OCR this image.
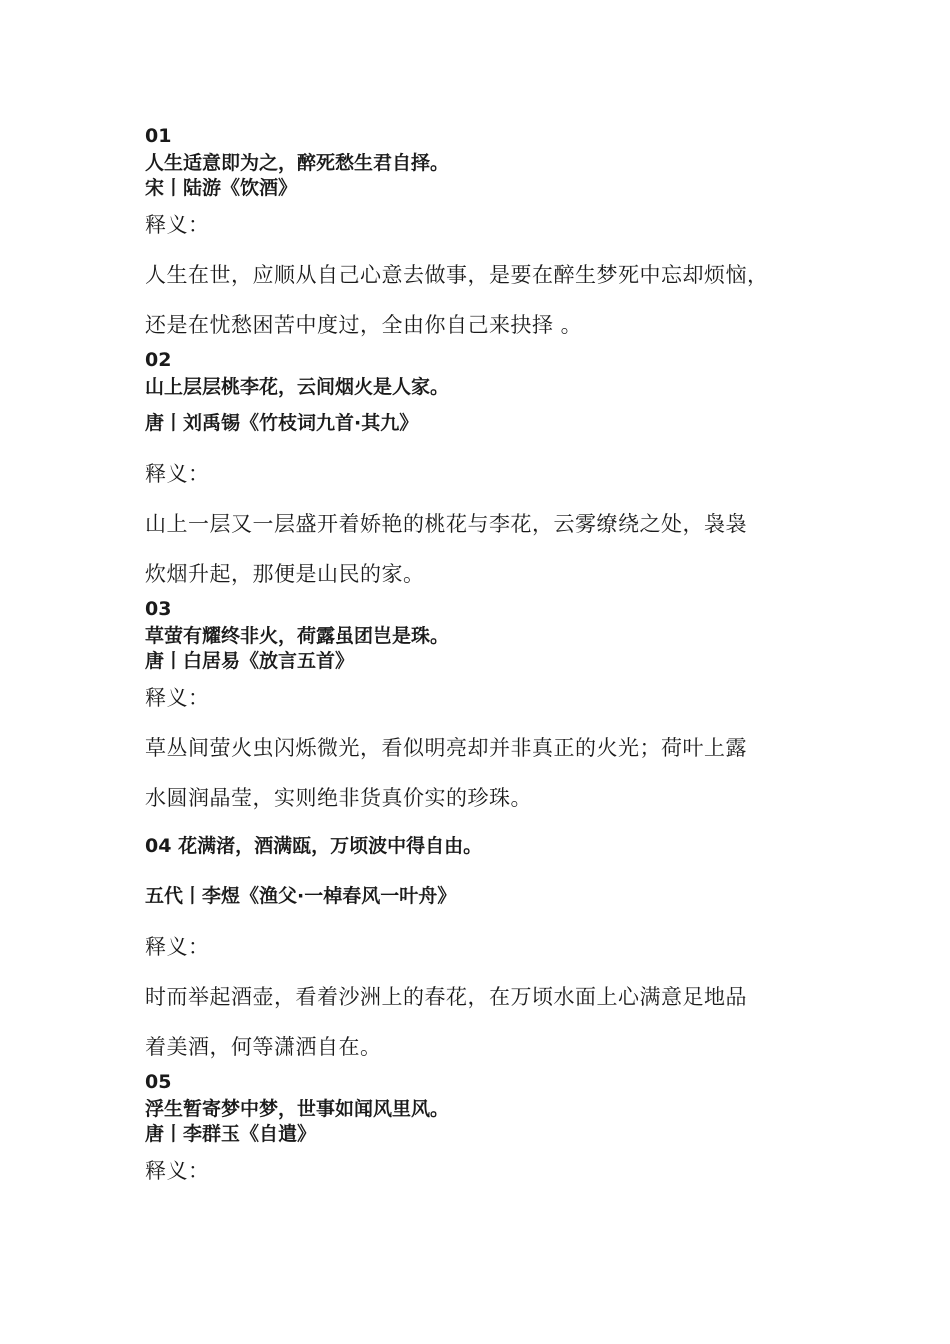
01
人生适意即为之，醉死愁生君自择。
宋丨陆游《饮酒》
释义：
人生在世，应顺从自己心意去做事，是要在醉生梦死中忘却烦恼，
还是在忧愁困苦中度过，全由你自己来抉择 。
02
山上层层桃李花，云间烟火是人家。
唐丨刘禹锡《竹枝词九首·其九》
释义：
山上一层又一层盛开着娇艳的桃花与李花，云雾缭绕之处，袅袅
炊烟升起，那便是山民的家。
03
草萤有耀终非火，荷露虽团岂是珠。
唐丨白居易《放言五首》
释义：
草丛间萤火虫闪烁微光，看似明亮却并非真正的火光；荷叶上露
水圆润晶莹，实则绝非货真价实的珍珠。
04 花满渚，酒满瓯，万顷波中得自由。
五代丨李煜《渔父·一棹春风一叶舟》
释义：
时而举起酒壶，看着沙洲上的春花，在万顷水面上心满意足地品
着美酒，何等潇洒自在。
05
浮生暂寄梦中梦，世事如闻风里风。
唐丨李群玉《自遣》
释义：
